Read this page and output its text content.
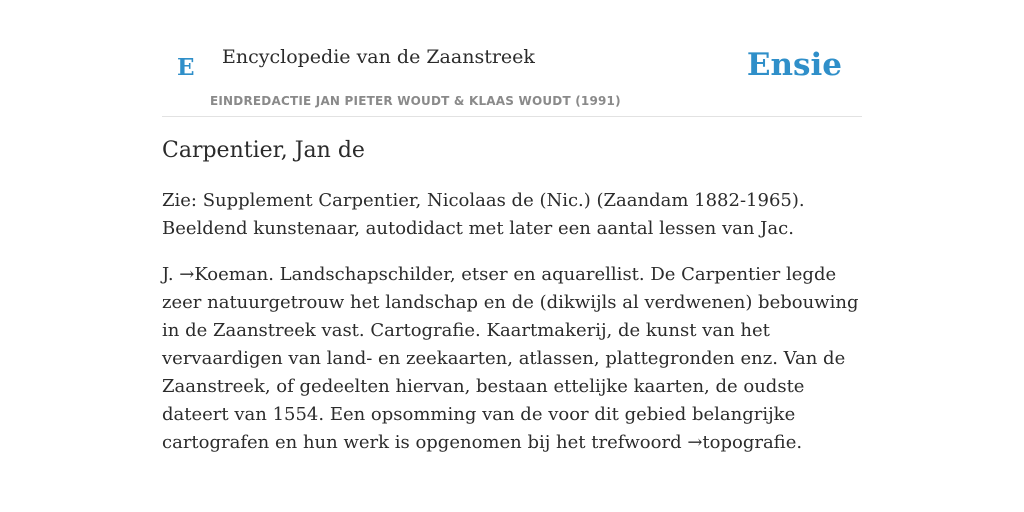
E Encyclopedie van de Zaanstreek
EINDREDACTIE JAN PIETER WOUDT & KLAAS WOUDT (1991)
Ensie
Carpentier, Jan de

Zie: Supplement Carpentier, Nicolaas de (Nic.) (Zaandam 1882-1965). Beeldend kunstenaar, autodidact met later een aantal lessen van Jac.

J. →Koeman. Landschapschilder, etser en aquarellist. De Carpentier legde zeer natuurgetrouw het landschap en de (dikwijls al verdwenen) bebouwing in de Zaanstreek vast. Cartografie. Kaartmakerij, de kunst van het vervaardigen van land- en zeekaarten, atlassen, plattegronden enz. Van de Zaanstreek, of gedeelten hiervan, bestaan ettelijke kaarten, de oudste dateert van 1554. Een opsomming van de voor dit gebied belangrijke cartografen en hun werk is opgenomen bij het trefwoord →topografie.
